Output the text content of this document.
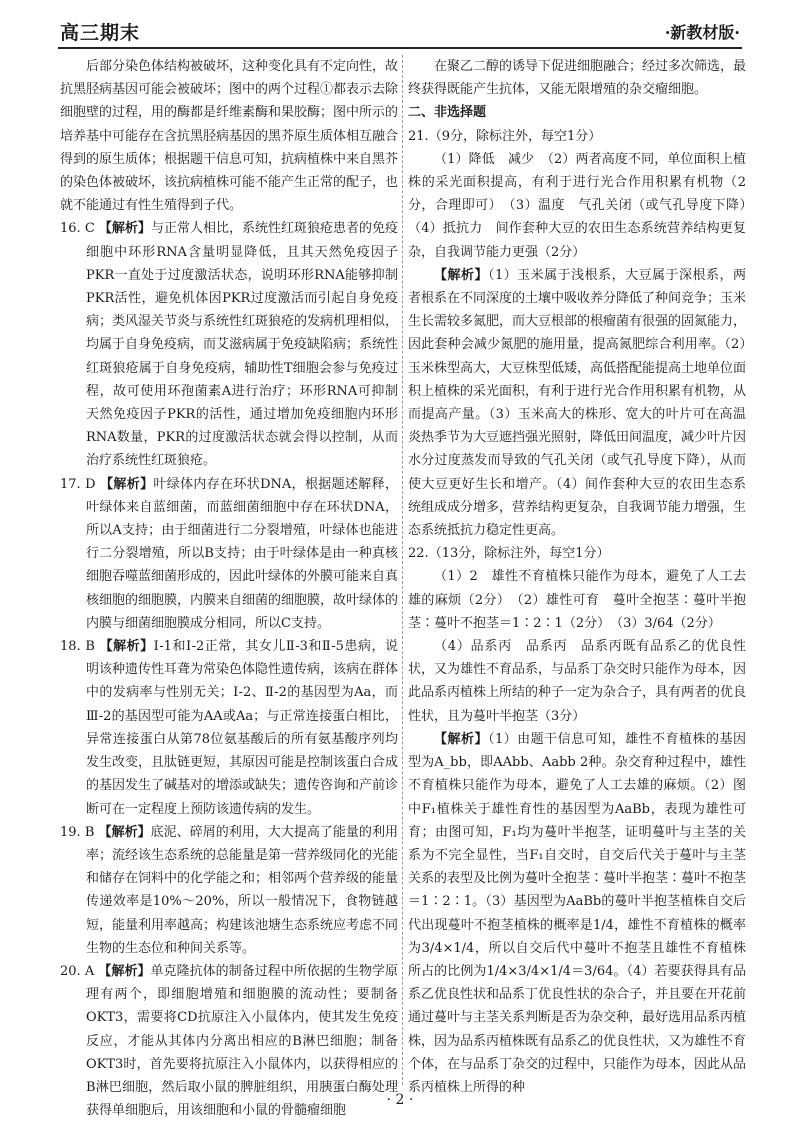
高三期末	·新教材版·

后部分染色体结构被破坏，这种变化具有不定向性，故抗黑胫病基因可能会被破坏；图中的两个过程①都表示去除细胞壁的过程，用的酶都是纤维素酶和果胶酶；图中所示的培养基中可能存在含抗黑胫病基因的黑芥原生质体相互融合得到的原生质体；根据题干信息可知，抗病植株中来自黑芥的染色体被破坏，该抗病植株可能不能产生正常的配子，也就不能通过有性生殖得到子代。

16. C 【解析】与正常人相比，系统性红斑狼疮患者的免疫细胞中环形RNA含量明显降低，且其天然免疫因子PKR一直处于过度激活状态，说明环形RNA能够抑制PKR活性，避免机体因PKR过度激活而引起自身免疫病；类风湿关节炎与系统性红斑狼疮的发病机理相似，均属于自身免疫病，而艾滋病属于免疫缺陷病；系统性红斑狼疮属于自身免疫病，辅助性T细胞会参与免疫过程，故可使用环孢菌素A进行治疗；环形RNA可抑制天然免疫因子PKR的活性，通过增加免疫细胞内环形RNA数量，PKR的过度激活状态就会得以控制，从而治疗系统性红斑狼疮。

17. D 【解析】叶绿体内存在环状DNA，根据题述解释，叶绿体来自蓝细菌，而蓝细菌细胞中存在环状DNA，所以A支持；由于细菌进行二分裂增殖，叶绿体也能进行二分裂增殖，所以B支持；由于叶绿体是由一种真核细胞吞噬蓝细菌形成的，因此叶绿体的外膜可能来自真核细胞的细胞膜，内膜来自细菌的细胞膜，故叶绿体的内膜与细菌细胞膜成分相同，所以C支持。

18. B 【解析】Ⅰ-1和Ⅰ-2正常，其女儿Ⅱ-3和Ⅱ-5患病，说明该种遗传性耳聋为常染色体隐性遗传病，该病在群体中的发病率与性别无关；Ⅰ-2、Ⅱ-2的基因型为Aa，而Ⅲ-2的基因型可能为AA或Aa；与正常连接蛋白相比，异常连接蛋白从第78位氨基酸后的所有氨基酸序列均发生改变，且肽链更短，其原因可能是控制该蛋白合成的基因发生了碱基对的增添或缺失；遗传咨询和产前诊断可在一定程度上预防该遗传病的发生。

19. B 【解析】底泥、碎屑的利用，大大提高了能量的利用率；流经该生态系统的总能量是第一营养级同化的光能和储存在饲料中的化学能之和；相邻两个营养级的能量传递效率是10%～20%，所以一般情况下，食物链越短，能量利用率越高；构建该池塘生态系统应考虑不同生物的生态位和种间关系等。

20. A 【解析】单克隆抗体的制备过程中所依据的生物学原理有两个，即细胞增殖和细胞膜的流动性；要制备OKT3，需要将CD抗原注入小鼠体内，使其发生免疫反应，才能从其体内分离出相应的B淋巴细胞；制备OKT3时，首先要将抗原注入小鼠体内，以获得相应的B淋巴细胞，然后取小鼠的脾脏组织，用胰蛋白酶处理获得单细胞后，用该细胞和小鼠的骨髓瘤细胞

在聚乙二醇的诱导下促进细胞融合；经过多次筛选，最终获得既能产生抗体，又能无限增殖的杂交瘤细胞。

二、非选择题

21.（9分，除标注外，每空1分）

（1）降低　减少　（2）两者高度不同，单位面积上植株的采光面积提高，有利于进行光合作用积累有机物（2分，合理即可）　（3）温度　气孔关闭（或气孔导度下降）　（4）抵抗力　间作套种大豆的农田生态系统营养结构更复杂，自我调节能力更强（2分）

【解析】（1）玉米属于浅根系，大豆属于深根系，两者根系在不同深度的土壤中吸收养分降低了种间竞争；玉米生长需较多氮肥，而大豆根部的根瘤菌有很强的固氮能力，因此套种会减少氮肥的施用量，提高氮肥综合利用率。（2）玉米株型高大，大豆株型低矮，高低搭配能提高土地单位面积上植株的采光面积，有利于进行光合作用积累有机物，从而提高产量。（3）玉米高大的株形、宽大的叶片可在高温炎热季节为大豆遮挡强光照射，降低田间温度，减少叶片因水分过度蒸发而导致的气孔关闭（或气孔导度下降），从而使大豆更好生长和增产。（4）间作套种大豆的农田生态系统组成成分增多，营养结构更复杂，自我调节能力增强，生态系统抵抗力稳定性更高。

22.（13分，除标注外，每空1分）

（1）2　雄性不育植株只能作为母本，避免了人工去雄的麻烦（2分）　（2）雄性可育　蔓叶全抱茎∶蔓叶半抱茎∶蔓叶不抱茎＝1∶2∶1（2分）　（3）3/64（2分）

（4）品系丙　品系丙　品系丙既有品系乙的优良性状，又为雄性不育品系，与品系丁杂交时只能作为母本，因此品系丙植株上所结的种子一定为杂合子，具有两者的优良性状，且为蔓叶半抱茎（3分）

【解析】（1）由题干信息可知，雄性不育植株的基因型为A_bb，即AAbb、Aabb 2种。杂交育种过程中，雄性不育植株只能作为母本，避免了人工去雄的麻烦。（2）图中F₁植株关于雄性育性的基因型为AaBb，表现为雄性可育；由图可知，F₁均为蔓叶半抱茎，证明蔓叶与主茎的关系为不完全显性，当F₁自交时，自交后代关于蔓叶与主茎关系的表型及比例为蔓叶全抱茎∶蔓叶半抱茎∶蔓叶不抱茎＝1∶2∶1。（3）基因型为AaBb的蔓叶半抱茎植株自交后代出现蔓叶不抱茎植株的概率是1/4，雄性不育植株的概率为3/4×1/4，所以自交后代中蔓叶不抱茎且雄性不育植株所占的比例为1/4×3/4×1/4＝3/64。（4）若要获得具有品系乙优良性状和品系丁优良性状的杂合子，并且要在开花前通过蔓叶与主茎关系判断是否为杂交种，最好选用品系丙植株，因为品系丙植株既有品系乙的优良性状，又为雄性不育个体，在与品系丁杂交的过程中，只能作为母本，因此从品系丙植株上所得的种

· 2 ·
